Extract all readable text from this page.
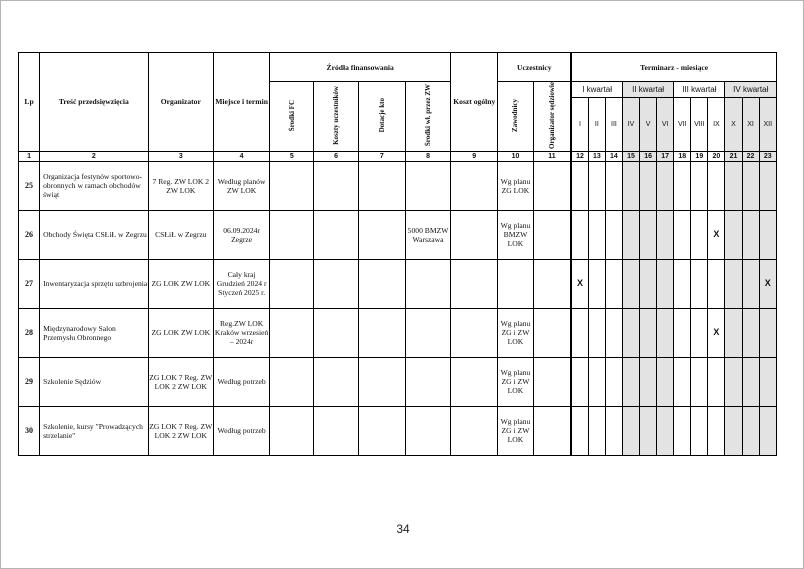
Lp	Treść przedsięwzięcia	Organizator	Miejsce i termin	Źródła finansowania				Koszt ogólny	Uczestnicy		Terminarz - miesiące											
				Środki FC	Koszty uczestników	Dotacje kto	Środki wł. przez ZW		Zawodnicy	Organizator sędziowie	I kwartał			II kwartał			III kwartał			IV kwartał		
											I	II	III	IV	V	VI	VII	VIII	IX	X	XI	XII
1	2	3	4	5	6	7	8	9	10	11	12	13	14	15	16	17	18	19	20	21	22	23
25	Organizacja festynów sportowo-obronnych w ramach obchodów świąt	7 Reg. ZW LOK 2 ZW LOK	Według planów ZW LOK						Wg planu ZG LOK													
26	Obchody Święta CSŁiŁ w Zegrzu	CSŁiŁ w Zegrzu	06.09.2024r Zegrze				5000 BMZW Warszawa		Wg planu BMZW LOK										X			
27	Inwentaryzacja sprzętu uzbrojenia	ZG LOK ZW LOK	Cały kraj Grudzień 2024 r Styczeń 2025 r.								X											X
28	Międzynarodowy Salon Przemysłu Obronnego	ZG LOK ZW LOK	Reg.ZW LOK Kraków wrzesień – 2024r						Wg planu ZG i ZW LOK										X			
29	Szkolenie Sędziów	ZG LOK 7 Reg. ZW LOK 2 ZW LOK	Według potrzeb						Wg planu ZG i ZW LOK													
30	Szkolenie, kursy "Prowadzących strzelanie"	ZG LOK 7 Reg. ZW LOK 2 ZW LOK	Według potrzeb						Wg planu ZG i ZW LOK													
34
